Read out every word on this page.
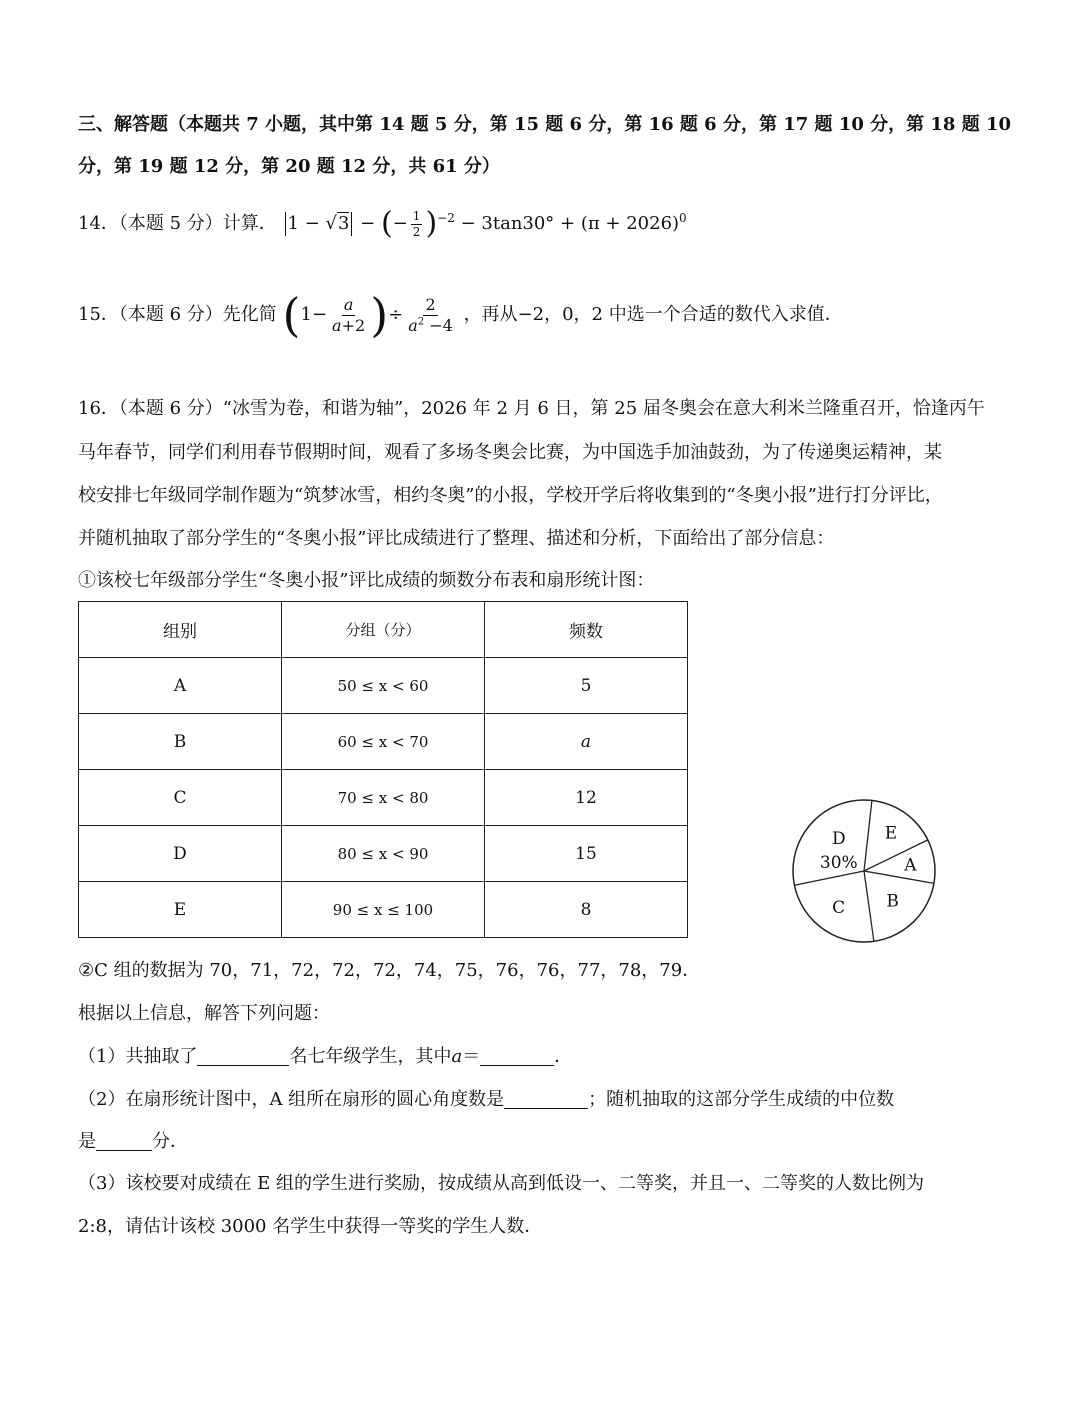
三、解答题（本题共 7 小题，其中第 14 题 5 分，第 15 题 6 分，第 16 题 6 分，第 17 题 10 分，第 18 题 10
分，第 19 题 12 分，第 20 题 12 分，共 61 分）
14．（本题 5 分）计算． 1 − √3 − (− $\frac{1}{2} )^{-2} - 3\tan 30^\circ + (\pi + 2026)^0$
15．（本题 6 分）先化简 ($1- \frac{a}{a+2}$ )÷ $\frac{2}{a^2 -4}$ ，再从−2，0，2 中选一个合适的数代入求值．
16．（本题 6 分）“冰雪为卷，和谐为轴”，2026 年 2 月 6 日，第 25 届冬奥会在意大利米兰隆重召开，恰逢丙午
马年春节，同学们利用春节假期时间，观看了多场冬奥会比赛，为中国选手加油鼓劲，为了传递奥运精神，某
校安排七年级同学制作题为“筑梦冰雪，相约冬奥”的小报，学校开学后将收集到的“冬奥小报”进行打分评比，
并随机抽取了部分学生的“冬奥小报”评比成绩进行了整理、描述和分析，下面给出了部分信息：
①该校七年级部分学生“冬奥小报”评比成绩的频数分布表和扇形统计图：
组别	分组（分）	频数
A	50 ≤ x < 60	5
B	60 ≤ x < 70	a
C	70 ≤ x < 80	12
D	80 ≤ x < 90	15
E	90 ≤ x ≤ 100	8
A
B
C
D
30%
E
②C 组的数据为 70，71，72，72，72，74，75，76，76，77，78，79．
根据以上信息，解答下列问题：
（1）共抽取了	名七年级学生，其中a＝	．
（2）在扇形统计图中，A 组所在扇形的圆心角度数是	；随机抽取的这部分学生成绩的中位数
是	分．
（3）该校要对成绩在 E 组的学生进行奖励，按成绩从高到低设一、二等奖，并且一、二等奖的人数比例为
2:8，请估计该校 3000 名学生中获得一等奖的学生人数．
